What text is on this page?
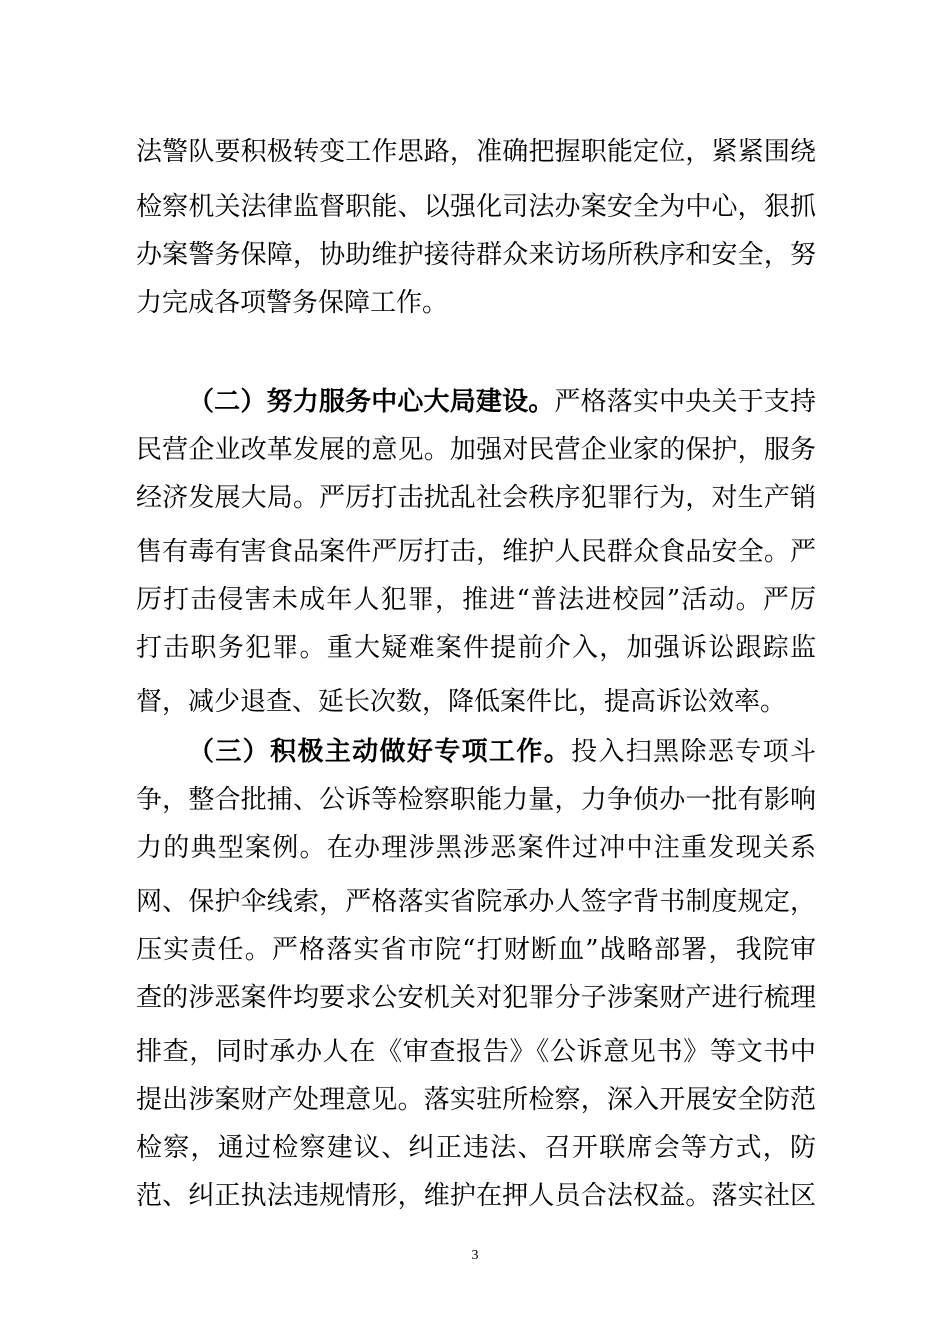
法警队要积极转变工作思路，准确把握职能定位，紧紧围绕
检察机关法律监督职能、以强化司法办案安全为中心，狠抓
办案警务保障，协助维护接待群众来访场所秩序和安全，努
力完成各项警务保障工作。
（二）努力服务中心大局建设。严格落实中央关于支持
民营企业改革发展的意见。加强对民营企业家的保护，服务
经济发展大局。严厉打击扰乱社会秩序犯罪行为，对生产销
售有毒有害食品案件严厉打击，维护人民群众食品安全。严
厉打击侵害未成年人犯罪，推进“普法进校园”活动。严厉
打击职务犯罪。重大疑难案件提前介入，加强诉讼跟踪监
督，减少退查、延长次数，降低案件比，提高诉讼效率。
（三）积极主动做好专项工作。投入扫黑除恶专项斗
争，整合批捕、公诉等检察职能力量，力争侦办一批有影响
力的典型案例。在办理涉黑涉恶案件过冲中注重发现关系
网、保护伞线索，严格落实省院承办人签字背书制度规定，
压实责任。严格落实省市院“打财断血”战略部署，我院审
查的涉恶案件均要求公安机关对犯罪分子涉案财产进行梳理
排查，同时承办人在《审查报告》《公诉意见书》等文书中
提出涉案财产处理意见。落实驻所检察，深入开展安全防范
检察，通过检察建议、纠正违法、召开联席会等方式，防
范、纠正执法违规情形，维护在押人员合法权益。落实社区
3
